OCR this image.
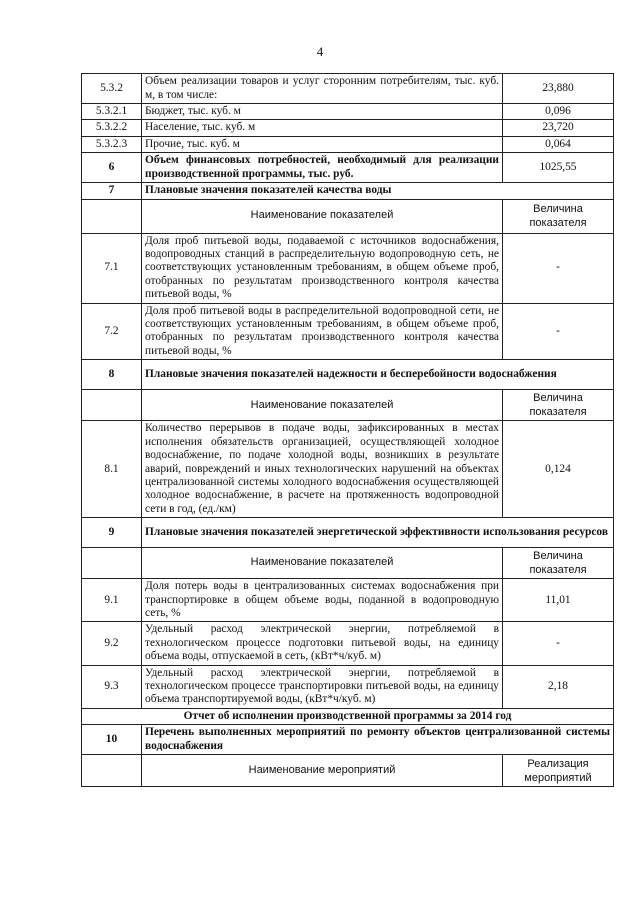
4
5.3.2	Объем реализации товаров и услуг сторонним потребителям, тыс. куб. м, в том числе:	23,880
5.3.2.1	Бюджет, тыс. куб. м	0,096
5.3.2.2	Население, тыс. куб. м	23,720
5.3.2.3	Прочие, тыс. куб. м	0,064
6	Объем финансовых потребностей, необходимый для реализации производственной программы, тыс. руб.	1025,55
7	Плановые значения показателей качества воды	
	Наименование показателей	Величина показателя
7.1	Доля проб питьевой воды, подаваемой с источников водоснабжения, водопроводных станций в распределительную водопроводную сеть, не соответствующих установленным требованиям, в общем объеме проб, отобранных по результатам производственного контроля качества питьевой воды, %	-
7.2	Доля проб питьевой воды в распределительной водопроводной сети, не соответствующих установленным требованиям, в общем объеме проб, отобранных по результатам производственного контроля качества питьевой воды, %	-
8	Плановые значения показателей надежности и бесперебойности водоснабжения	
	Наименование показателей	Величина показателя
8.1	Количество перерывов в подаче воды, зафиксированных в местах исполнения обязательств организацией, осуществляющей холодное водоснабжение, по подаче холодной воды, возникших в результате аварий, повреждений и иных технологических нарушений на объектах централизованной системы холодного водоснабжения осуществляющей холодное водоснабжение, в расчете на протяженность водопроводной сети в год, (ед./км)	0,124
9	Плановые значения показателей энергетической эффективности использования ресурсов	
	Наименование показателей	Величина показателя
9.1	Доля потерь воды в централизованных системах водоснабжения при транспортировке в общем объеме воды, поданной в водопроводную сеть, %	11,01
9.2	Удельный расход электрической энергии, потребляемой в технологическом процессе подготовки питьевой воды, на единицу объема воды, отпускаемой в сеть, (кВт*ч/куб. м)	-
9.3	Удельный расход электрической энергии, потребляемой в технологическом процессе транспортировки питьевой воды, на единицу объема транспортируемой воды, (кВт*ч/куб. м)	2,18
Отчет об исполнении производственной программы за 2014 год		
10	Перечень выполненных мероприятий по ремонту объектов централизованной системы водоснабжения	
	Наименование мероприятий	Реализация мероприятий
